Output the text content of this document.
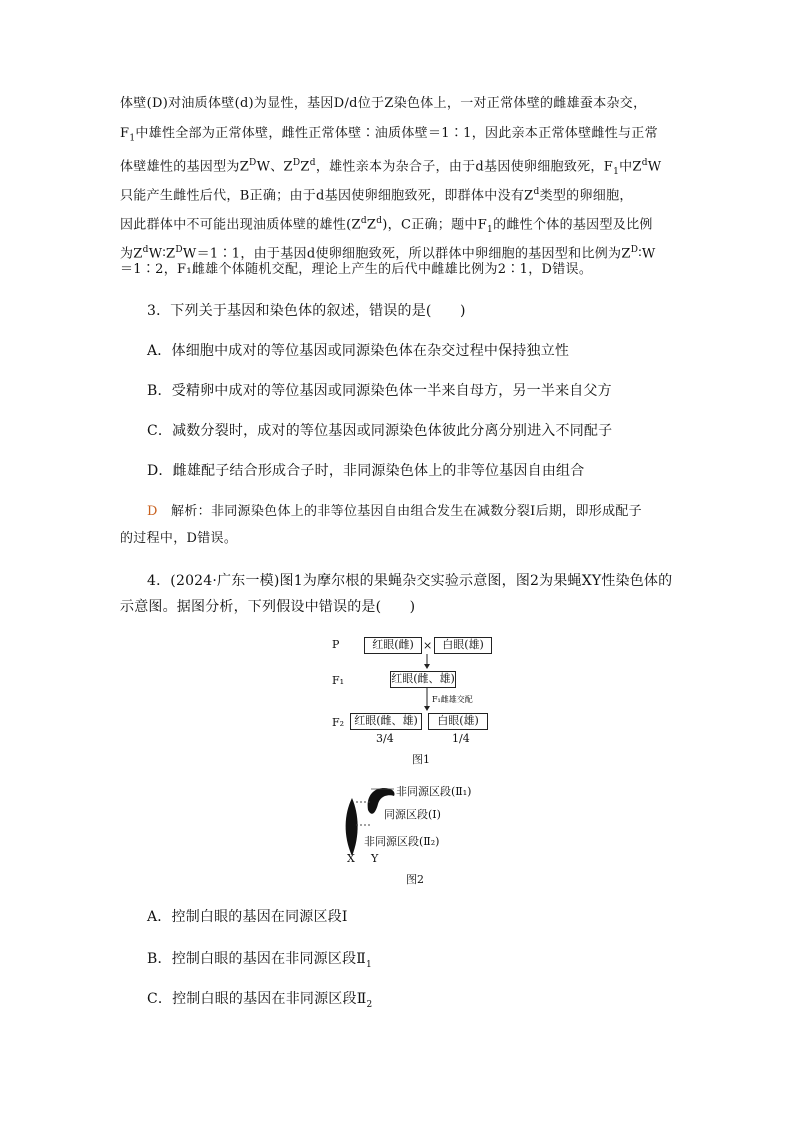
体壁(D)对油质体壁(d)为显性，基因D/d位于Z染色体上，一对正常体壁的雌雄蚕本杂交，
$F_1$中雄性全部为正常体壁，雌性正常体壁∶油质体壁＝1∶1，因此亲本正常体壁雌性与正常
体壁雄性的基因型为$Z^DW$、$Z^DZ^d$，雄性亲本为杂合子，由于d基因使卵细胞致死，$F_1$中$Z^dW$
只能产生雌性后代，B正确；由于d基因使卵细胞致死，即群体中没有$Z^d$类型的卵细胞，
因此群体中不可能出现油质体壁的雄性$(Z^dZ^d)$，C正确；题中$F_1$的雌性个体的基因型及比例
为$Z^dW∶Z^DW=1∶1$，由于基因d使卵细胞致死，所以群体中卵细胞的基因型和比例为$Z^D∶W$
＝1∶2，F₁雌雄个体随机交配，理论上产生的后代中雌雄比例为2∶1，D错误。
3．下列关于基因和染色体的叙述，错误的是(　　)
A．体细胞中成对的等位基因或同源染色体在杂交过程中保持独立性
B．受精卵中成对的等位基因或同源染色体一半来自母方，另一半来自父方
C．减数分裂时，成对的等位基因或同源染色体彼此分离分别进入不同配子
D．雌雄配子结合形成合子时，非同源染色体上的非等位基因自由组合
D　 解析：非同源染色体上的非等位基因自由组合发生在减数分裂Ⅰ后期，即形成配子
的过程中，D错误。
4．(2024·广东一模)图1为摩尔根的果蝇杂交实验示意图，图2为果蝇XY性染色体的
示意图。据图分析，下列假设中错误的是(　　)
P	红眼(雌) × 白眼(雄)
F₁	红眼(雌、雄)
F₁雌雄交配
F₂ 红眼(雌、雄)	白眼(雄)
3/4	1/4
图1
非同源区段(Ⅱ₁)
同源区段(Ⅰ)
非同源区段(Ⅱ₂)
X Y
图2
A．控制白眼的基因在同源区段Ⅰ
B．控制白眼的基因在非同源区段$Ⅱ_1$
C．控制白眼的基因在非同源区段$Ⅱ_2$
